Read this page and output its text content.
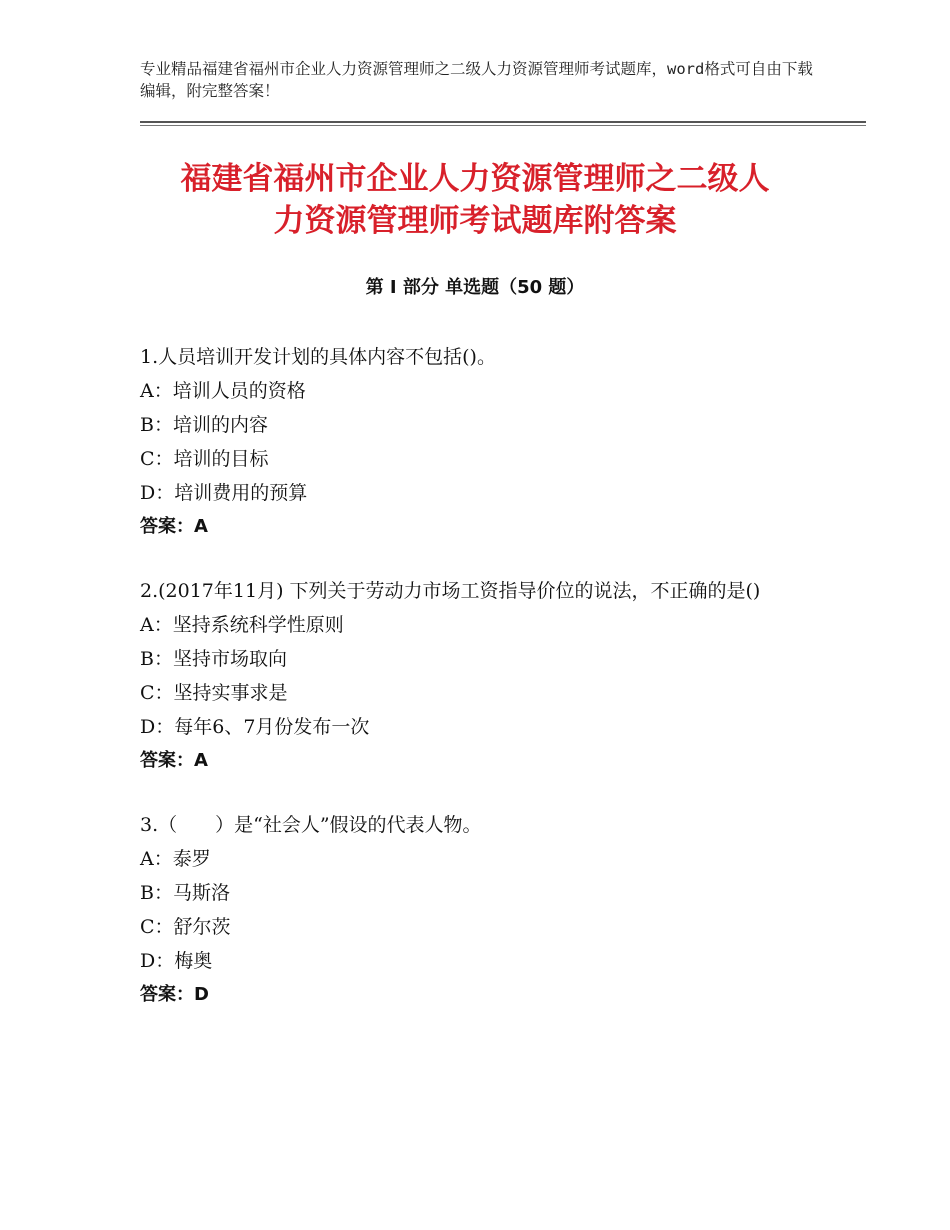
专业精品福建省福州市企业人力资源管理师之二级人力资源管理师考试题库，word格式可自由下载编辑，附完整答案！
福建省福州市企业人力资源管理师之二级人
力资源管理师考试题库附答案
第 I 部分 单选题（50 题）
1.人员培训开发计划的具体内容不包括()。
A：培训人员的资格
B：培训的内容
C：培训的目标
D：培训费用的预算
答案：A
2.(2017年11月) 下列关于劳动力市场工资指导价位的说法，不正确的是()
A：坚持系统科学性原则
B：坚持市场取向
C：坚持实事求是
D：每年6、7月份发布一次
答案：A
3.（　　）是“社会人”假设的代表人物。
A：泰罗
B：马斯洛
C：舒尔茨
D：梅奥
答案：D
